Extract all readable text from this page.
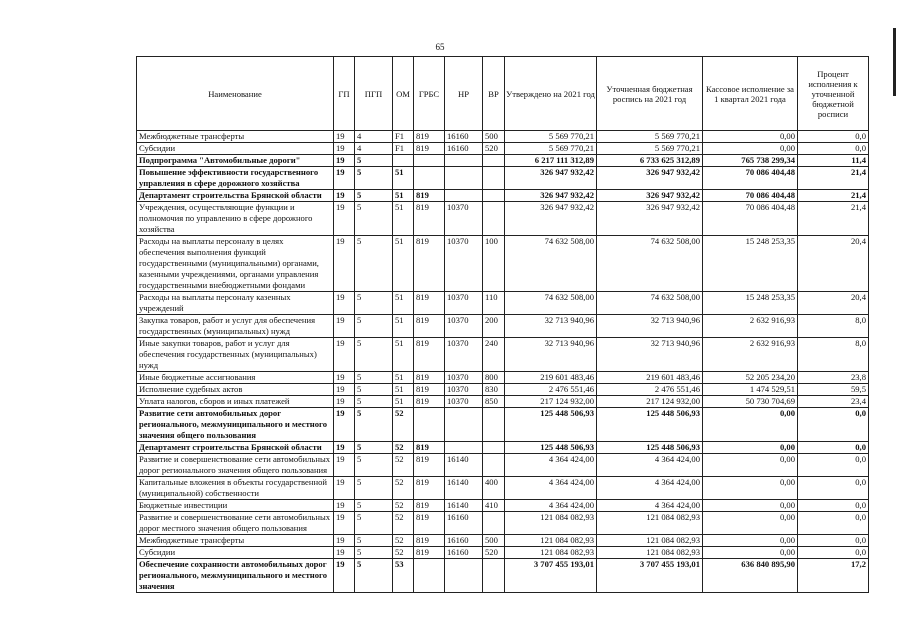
65
Наименование	ГП	ПГП	ОМ	ГРБС	НР	ВР	Утверждено на 2021 год	Уточненная бюджетная роспись на 2021 год	Кассовое исполнение за 1 квартал 2021 года	Процент исполнения к уточненной бюджетной росписи
Межбюджетные трансферты	19	4	F1	819	16160	500	5 569 770,21	5 569 770,21	0,00	0,0
Субсидии	19	4	F1	819	16160	520	5 569 770,21	5 569 770,21	0,00	0,0
Подпрограмма "Автомобильные дороги"	19	5					6 217 111 312,89	6 733 625 312,89	765 738 299,34	11,4
Повышение эффективности государственного управления в сфере дорожного хозяйства	19	5	51				326 947 932,42	326 947 932,42	70 086 404,48	21,4
Департамент строительства Брянской области	19	5	51	819			326 947 932,42	326 947 932,42	70 086 404,48	21,4
Учреждения, осуществляющие функции и полномочия по управлению в сфере дорожного хозяйства	19	5	51	819	10370		326 947 932,42	326 947 932,42	70 086 404,48	21,4
Расходы на выплаты персоналу в целях обеспечения выполнения функций государственными (муниципальными) органами, казенными учреждениями, органами управления государственными внебюджетными фондами	19	5	51	819	10370	100	74 632 508,00	74 632 508,00	15 248 253,35	20,4
Расходы на выплаты персоналу казенных учреждений	19	5	51	819	10370	110	74 632 508,00	74 632 508,00	15 248 253,35	20,4
Закупка товаров, работ и услуг для обеспечения государственных (муниципальных) нужд	19	5	51	819	10370	200	32 713 940,96	32 713 940,96	2 632 916,93	8,0
Иные закупки товаров, работ и услуг для обеспечения государственных (муниципальных) нужд	19	5	51	819	10370	240	32 713 940,96	32 713 940,96	2 632 916,93	8,0
Иные бюджетные ассигнования	19	5	51	819	10370	800	219 601 483,46	219 601 483,46	52 205 234,20	23,8
Исполнение судебных актов	19	5	51	819	10370	830	2 476 551,46	2 476 551,46	1 474 529,51	59,5
Уплата налогов, сборов и иных платежей	19	5	51	819	10370	850	217 124 932,00	217 124 932,00	50 730 704,69	23,4
Развитие сети автомобильных дорог регионального, межмуниципального и местного значения общего пользования	19	5	52				125 448 506,93	125 448 506,93	0,00	0,0
Департамент строительства Брянской области	19	5	52	819			125 448 506,93	125 448 506,93	0,00	0,0
Развитие и совершенствование сети автомобильных дорог регионального значения общего пользования	19	5	52	819	16140		4 364 424,00	4 364 424,00	0,00	0,0
Капитальные вложения в объекты государственной (муниципальной) собственности	19	5	52	819	16140	400	4 364 424,00	4 364 424,00	0,00	0,0
Бюджетные инвестиции	19	5	52	819	16140	410	4 364 424,00	4 364 424,00	0,00	0,0
Развитие и совершенствование сети автомобильных дорог местного значения общего пользования	19	5	52	819	16160		121 084 082,93	121 084 082,93	0,00	0,0
Межбюджетные трансферты	19	5	52	819	16160	500	121 084 082,93	121 084 082,93	0,00	0,0
Субсидии	19	5	52	819	16160	520	121 084 082,93	121 084 082,93	0,00	0,0
Обеспечение сохранности автомобильных дорог регионального, межмуниципального и местного значения	19	5	53				3 707 455 193,01	3 707 455 193,01	636 840 895,90	17,2
